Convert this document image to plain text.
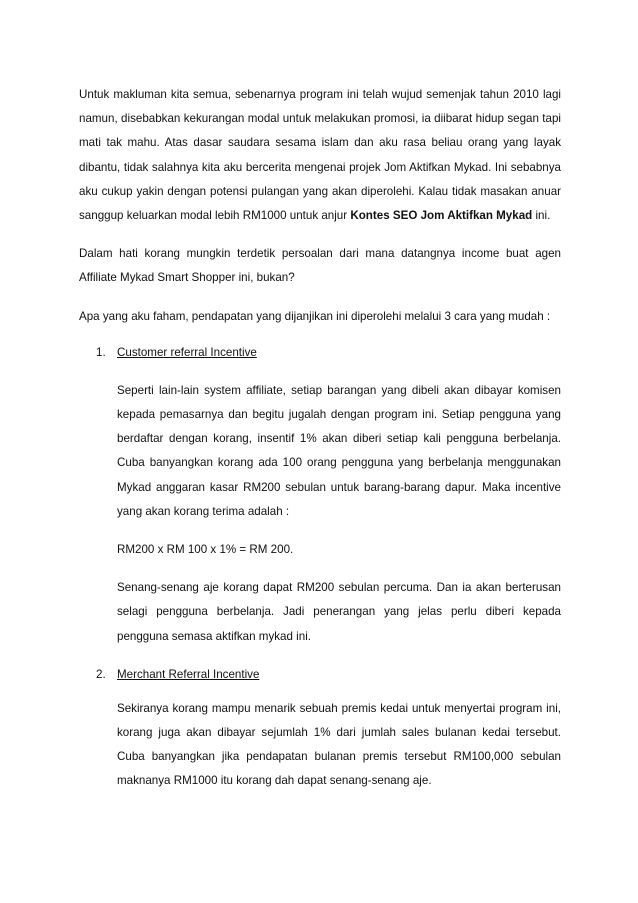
Untuk makluman kita semua, sebenarnya program ini telah wujud semenjak tahun 2010 lagi namun, disebabkan kekurangan modal untuk melakukan promosi, ia diibarat hidup segan tapi mati tak mahu. Atas dasar saudara sesama islam dan aku rasa beliau orang yang layak dibantu, tidak salahnya kita aku bercerita mengenai projek Jom Aktifkan Mykad. Ini sebabnya aku cukup yakin dengan potensi pulangan yang akan diperolehi. Kalau tidak masakan anuar sanggup keluarkan modal lebih RM1000 untuk anjur Kontes SEO Jom Aktifkan Mykad ini.

Dalam hati korang mungkin terdetik persoalan dari mana datangnya income buat agen Affiliate Mykad Smart Shopper ini, bukan?

Apa yang aku faham, pendapatan yang dijanjikan ini diperolehi melalui 3 cara yang mudah :

1. Customer referral Incentive

Seperti lain-lain system affiliate, setiap barangan yang dibeli akan dibayar komisen kepada pemasarnya dan begitu jugalah dengan program ini. Setiap pengguna yang berdaftar dengan korang, insentif 1% akan diberi setiap kali pengguna berbelanja. Cuba banyangkan korang ada 100 orang pengguna yang berbelanja menggunakan Mykad anggaran kasar RM200 sebulan untuk barang-barang dapur. Maka incentive yang akan korang terima adalah :

RM200 x RM 100 x 1% = RM 200.

Senang-senang aje korang dapat RM200 sebulan percuma. Dan ia akan berterusan selagi pengguna berbelanja. Jadi penerangan yang jelas perlu diberi kepada pengguna semasa aktifkan mykad ini.

2. Merchant Referral Incentive

Sekiranya korang mampu menarik sebuah premis kedai untuk menyertai program ini, korang juga akan dibayar sejumlah 1% dari jumlah sales bulanan kedai tersebut. Cuba banyangkan jika pendapatan bulanan premis tersebut RM100,000 sebulan maknanya RM1000 itu korang dah dapat senang-senang aje.
